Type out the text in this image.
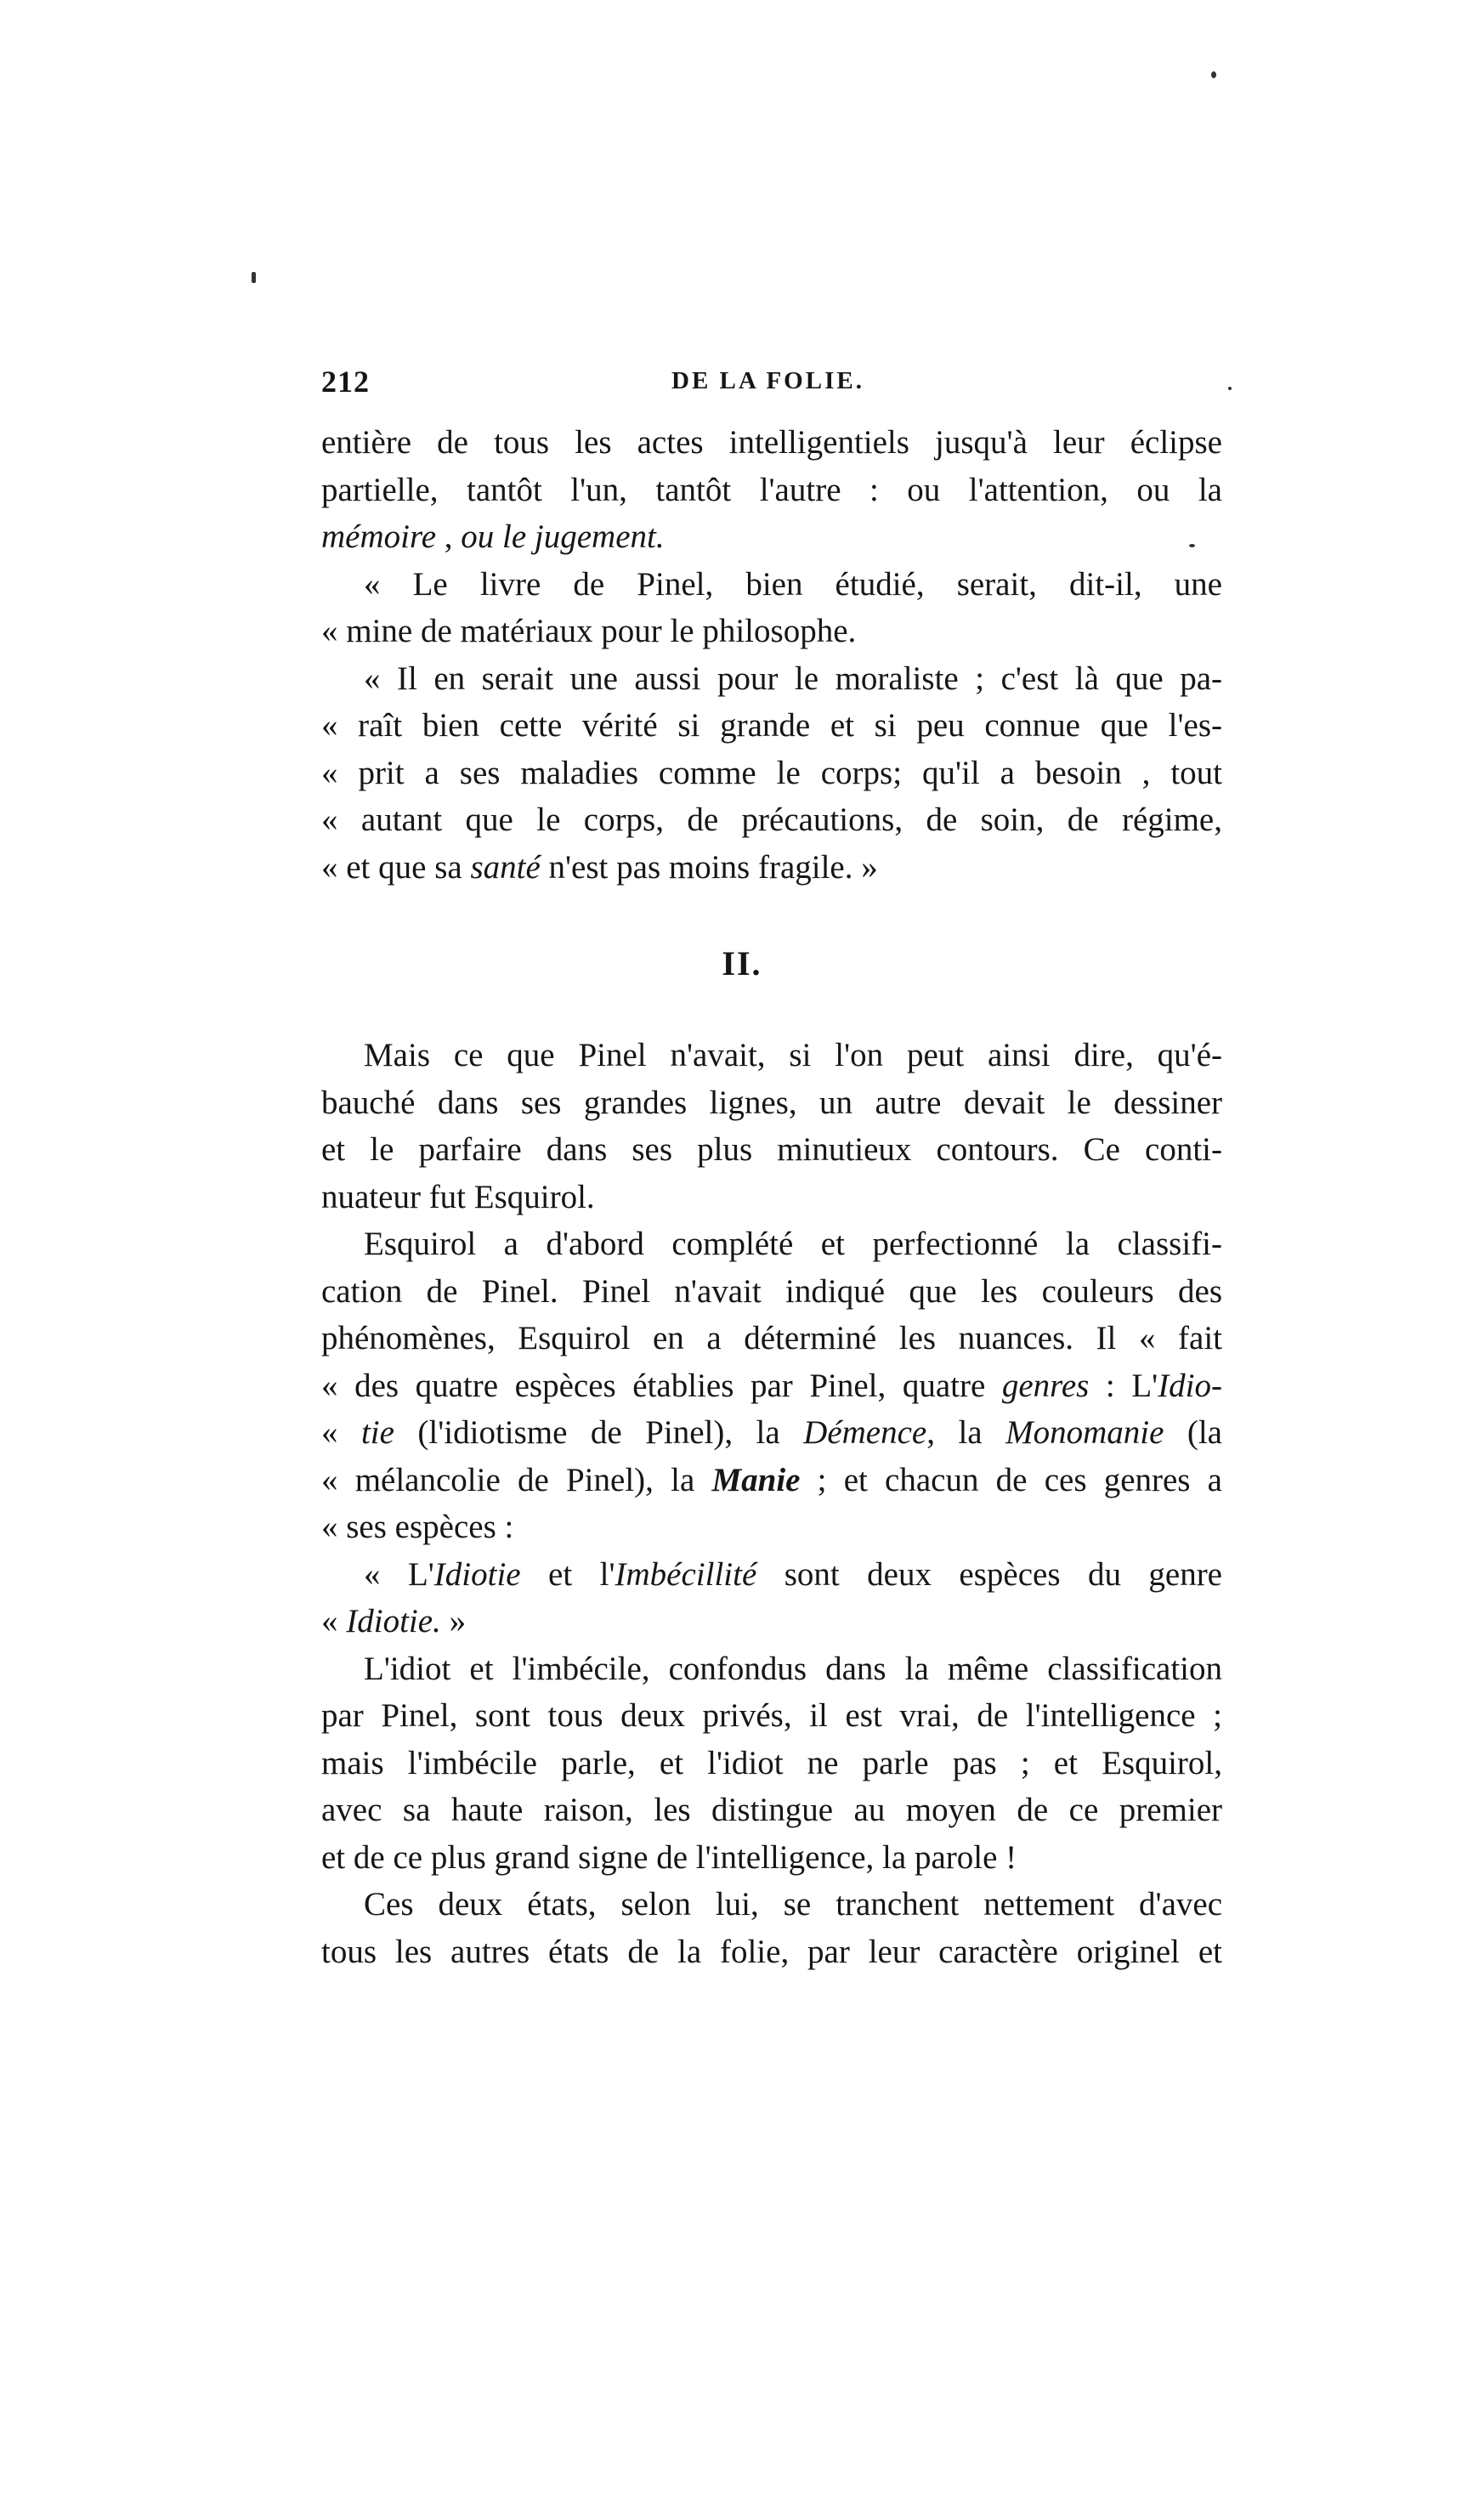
212	DE LA FOLIE.
entière de tous les actes intelligentiels jusqu'à leur éclipse
partielle, tantôt l'un, tantôt l'autre : ou l'attention, ou la
mémoire , ou le jugement.
« Le livre de Pinel, bien étudié, serait, dit-il, une
« mine de matériaux pour le philosophe.
« Il en serait une aussi pour le moraliste ; c'est là que pa-
« raît bien cette vérité si grande et si peu connue que l'es-
« prit a ses maladies comme le corps; qu'il a besoin , tout
« autant que le corps, de précautions, de soin, de régime,
« et que sa santé n'est pas moins fragile. »
II.
Mais ce que Pinel n'avait, si l'on peut ainsi dire, qu'é-
bauché dans ses grandes lignes, un autre devait le dessiner
et le parfaire dans ses plus minutieux contours. Ce conti-
nuateur fut Esquirol.
Esquirol a d'abord complété et perfectionné la classifi-
cation de Pinel. Pinel n'avait indiqué que les couleurs des
phénomènes, Esquirol en a déterminé les nuances. Il « fait
« des quatre espèces établies par Pinel, quatre genres : L'Idio-
« tie (l'idiotisme de Pinel), la Démence, la Monomanie (la
« mélancolie de Pinel), la Manie ; et chacun de ces genres a
« ses espèces :
« L'Idiotie et l'Imbécillité sont deux espèces du genre
« Idiotie. »
L'idiot et l'imbécile, confondus dans la même classification
par Pinel, sont tous deux privés, il est vrai, de l'intelligence ;
mais l'imbécile parle, et l'idiot ne parle pas ; et Esquirol,
avec sa haute raison, les distingue au moyen de ce premier
et de ce plus grand signe de l'intelligence, la parole !
Ces deux états, selon lui, se tranchent nettement d'avec
tous les autres états de la folie, par leur caractère originel et
